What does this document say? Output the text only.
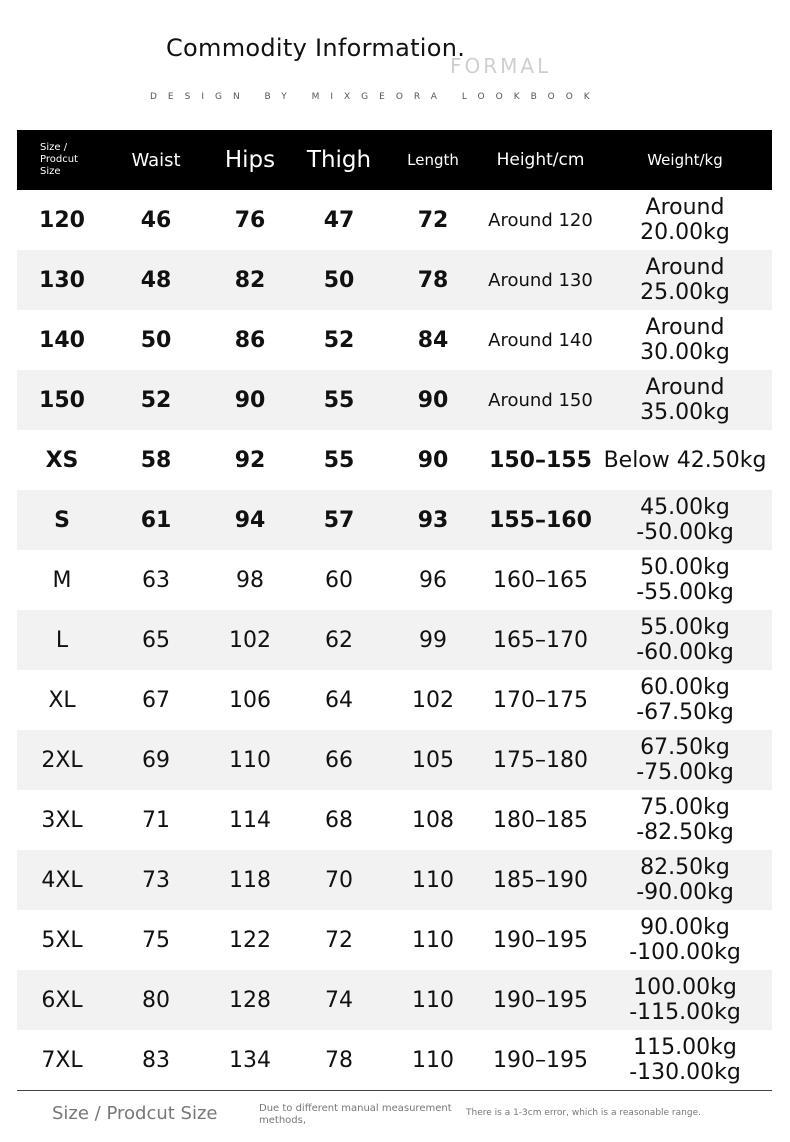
Commodity Information.
FORMAL
DESIGN BY MIXGEORA LOOKBOOK
Size /
Prodcut
Size	Waist	Hips	Thigh	Length	Height/cm	Weight/kg
120	46	76	47	72	Around 120	Around 20.00kg
130	48	82	50	78	Around 130	Around 25.00kg
140	50	86	52	84	Around 140	Around 30.00kg
150	52	90	55	90	Around 150	Around 35.00kg
XS	58	92	55	90	150–155	Below 42.50kg
S	61	94	57	93	155–160	45.00kg -50.00kg
M	63	98	60	96	160–165	50.00kg -55.00kg
L	65	102	62	99	165–170	55.00kg -60.00kg
XL	67	106	64	102	170–175	60.00kg -67.50kg
2XL	69	110	66	105	175–180	67.50kg -75.00kg
3XL	71	114	68	108	180–185	75.00kg -82.50kg
4XL	73	118	70	110	185–190	82.50kg -90.00kg
5XL	75	122	72	110	190–195	90.00kg -100.00kg
6XL	80	128	74	110	190–195	100.00kg -115.00kg
7XL	83	134	78	110	190–195	115.00kg -130.00kg
Size / Prodcut Size	Due to different manual measurement methods,
There is a 1-3cm error, which is a reasonable range.
